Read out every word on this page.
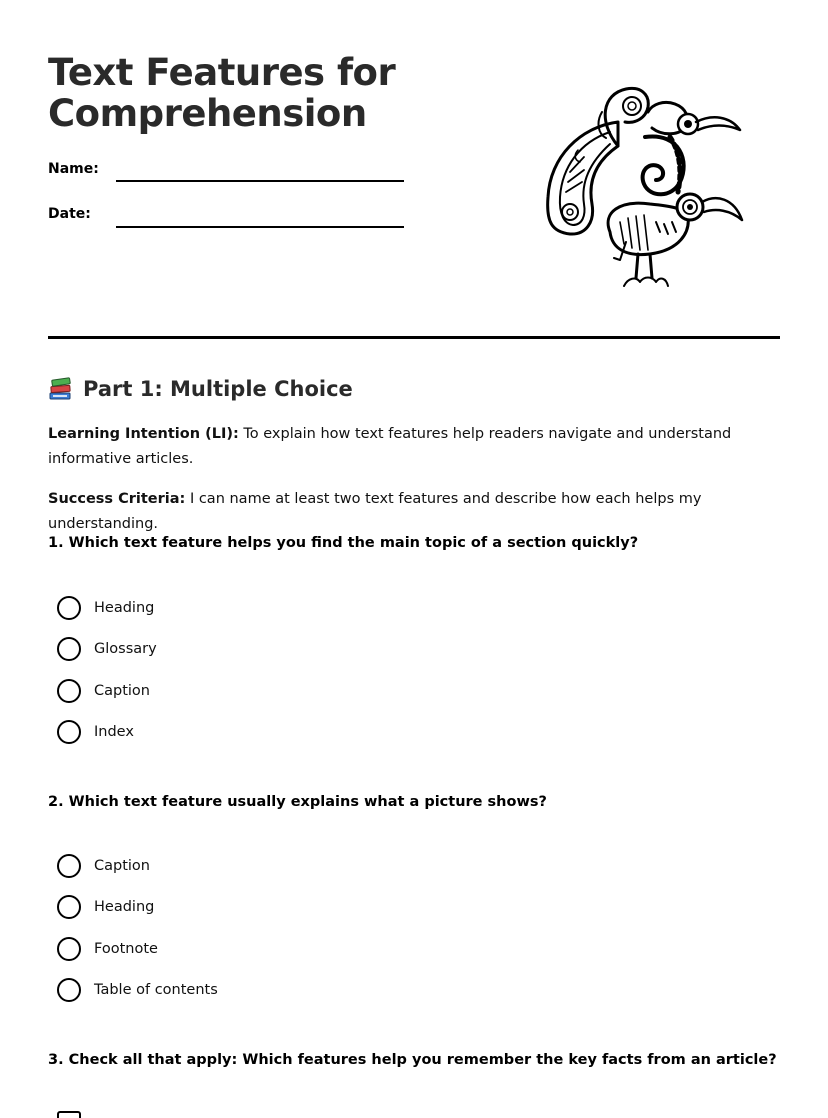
Text Features for
Comprehension
Name:
Date:
Part 1: Multiple Choice

Learning Intention (LI): To explain how text features help readers navigate and understand informative articles.

Success Criteria: I can name at least two text features and describe how each helps my understanding.

1. Which text feature helps you find the main topic of a section quickly?
Heading
Glossary
Caption
Index
2. Which text feature usually explains what a picture shows?
Caption
Heading
Footnote
Table of contents
3. Check all that apply: Which features help you remember the key facts from an article?
